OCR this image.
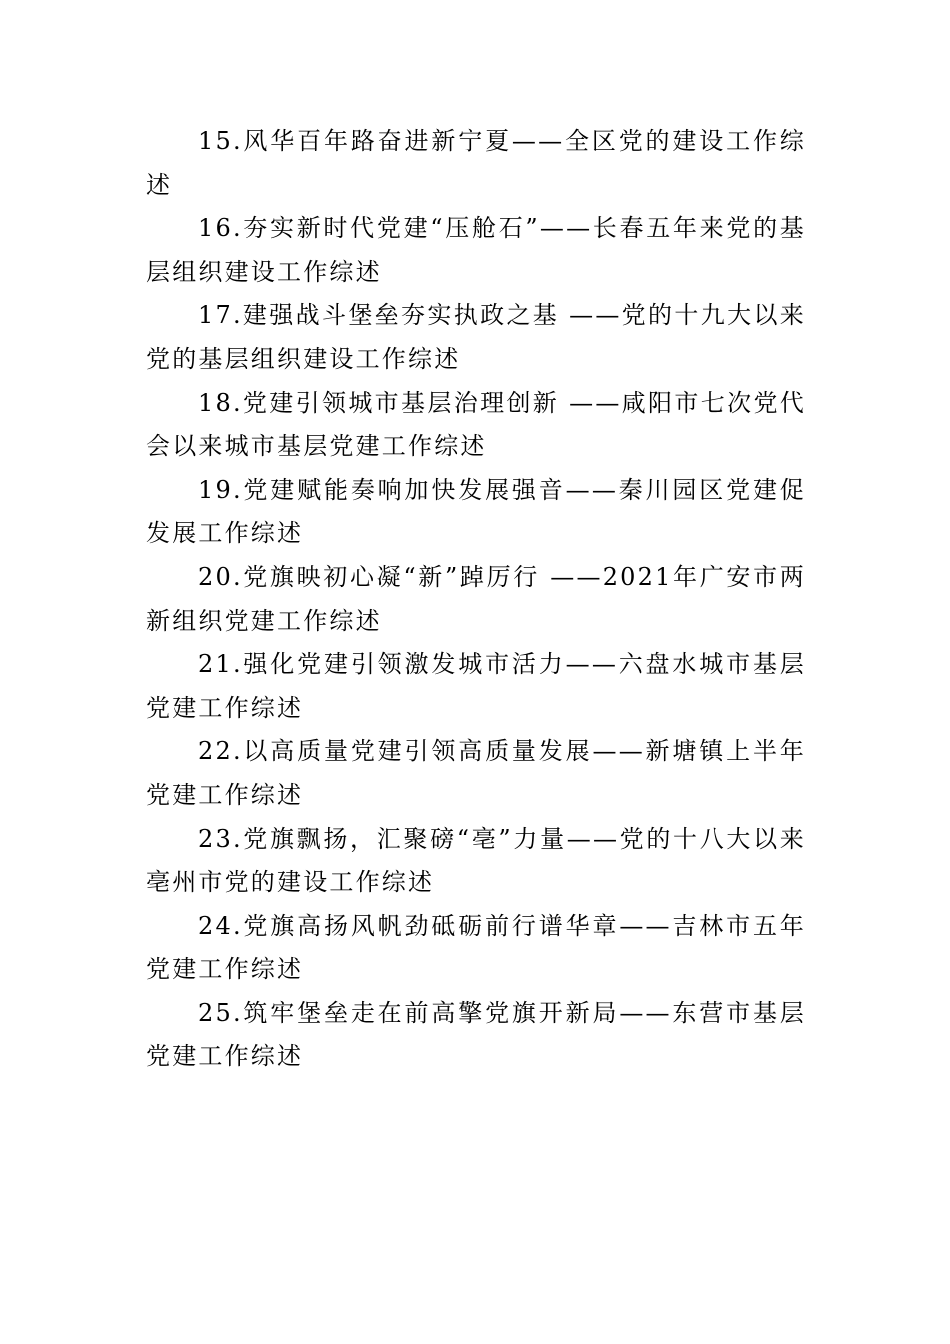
15.风华百年路奋进新宁夏——全区党的建设工作综述
16.夯实新时代党建“压舱石”——长春五年来党的基层组织建设工作综述
17.建强战斗堡垒夯实执政之基 ——党的十九大以来党的基层组织建设工作综述
18.党建引领城市基层治理创新 ——咸阳市七次党代会以来城市基层党建工作综述
19.党建赋能奏响加快发展强音——秦川园区党建促发展工作综述
20.党旗映初心凝“新”踔厉行 ——2021年广安市两新组织党建工作综述
21.强化党建引领激发城市活力——六盘水城市基层党建工作综述
22.以高质量党建引领高质量发展——新塘镇上半年党建工作综述
23.党旗飘扬，汇聚磅“亳”力量——党的十八大以来亳州市党的建设工作综述
24.党旗高扬风帆劲砥砺前行谱华章——吉林市五年党建工作综述
25.筑牢堡垒走在前高擎党旗开新局——东营市基层党建工作综述
